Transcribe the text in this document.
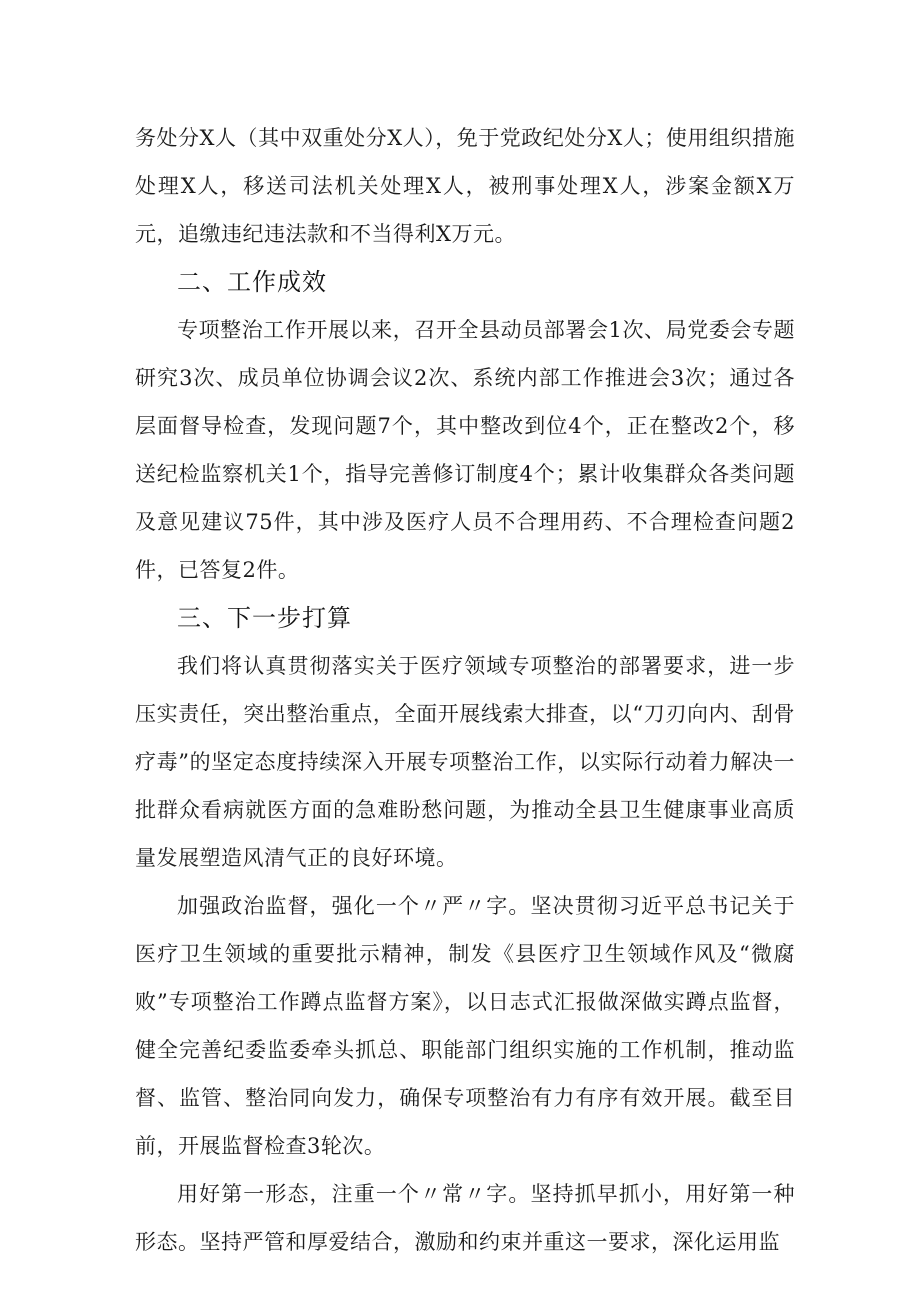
务处分X人（其中双重处分X人），免于党政纪处分X人；使用组织措施处理X人，移送司法机关处理X人，被刑事处理X人，涉案金额X万元，追缴违纪违法款和不当得利X万元。

二、工作成效

专项整治工作开展以来，召开全县动员部署会1次、局党委会专题研究3次、成员单位协调会议2次、系统内部工作推进会3次；通过各层面督导检查，发现问题7个，其中整改到位4个，正在整改2个，移送纪检监察机关1个，指导完善修订制度4个；累计收集群众各类问题及意见建议75件，其中涉及医疗人员不合理用药、不合理检查问题2件，已答复2件。

三、下一步打算

我们将认真贯彻落实关于医疗领域专项整治的部署要求，进一步压实责任，突出整治重点，全面开展线索大排查，以“刀刃向内、刮骨疗毒”的坚定态度持续深入开展专项整治工作，以实际行动着力解决一批群众看病就医方面的急难盼愁问题，为推动全县卫生健康事业高质量发展塑造风清气正的良好环境。

加强政治监督，强化一个〃严〃字。坚决贯彻习近平总书记关于医疗卫生领域的重要批示精神，制发《县医疗卫生领域作风及“微腐败”专项整治工作蹲点监督方案》，以日志式汇报做深做实蹲点监督，健全完善纪委监委牵头抓总、职能部门组织实施的工作机制，推动监督、监管、整治同向发力，确保专项整治有力有序有效开展。截至目前，开展监督检查3轮次。

用好第一形态，注重一个〃常〃字。坚持抓早抓小，用好第一种形态。坚持严管和厚爱结合，激励和约束并重这一要求，深化运用监
